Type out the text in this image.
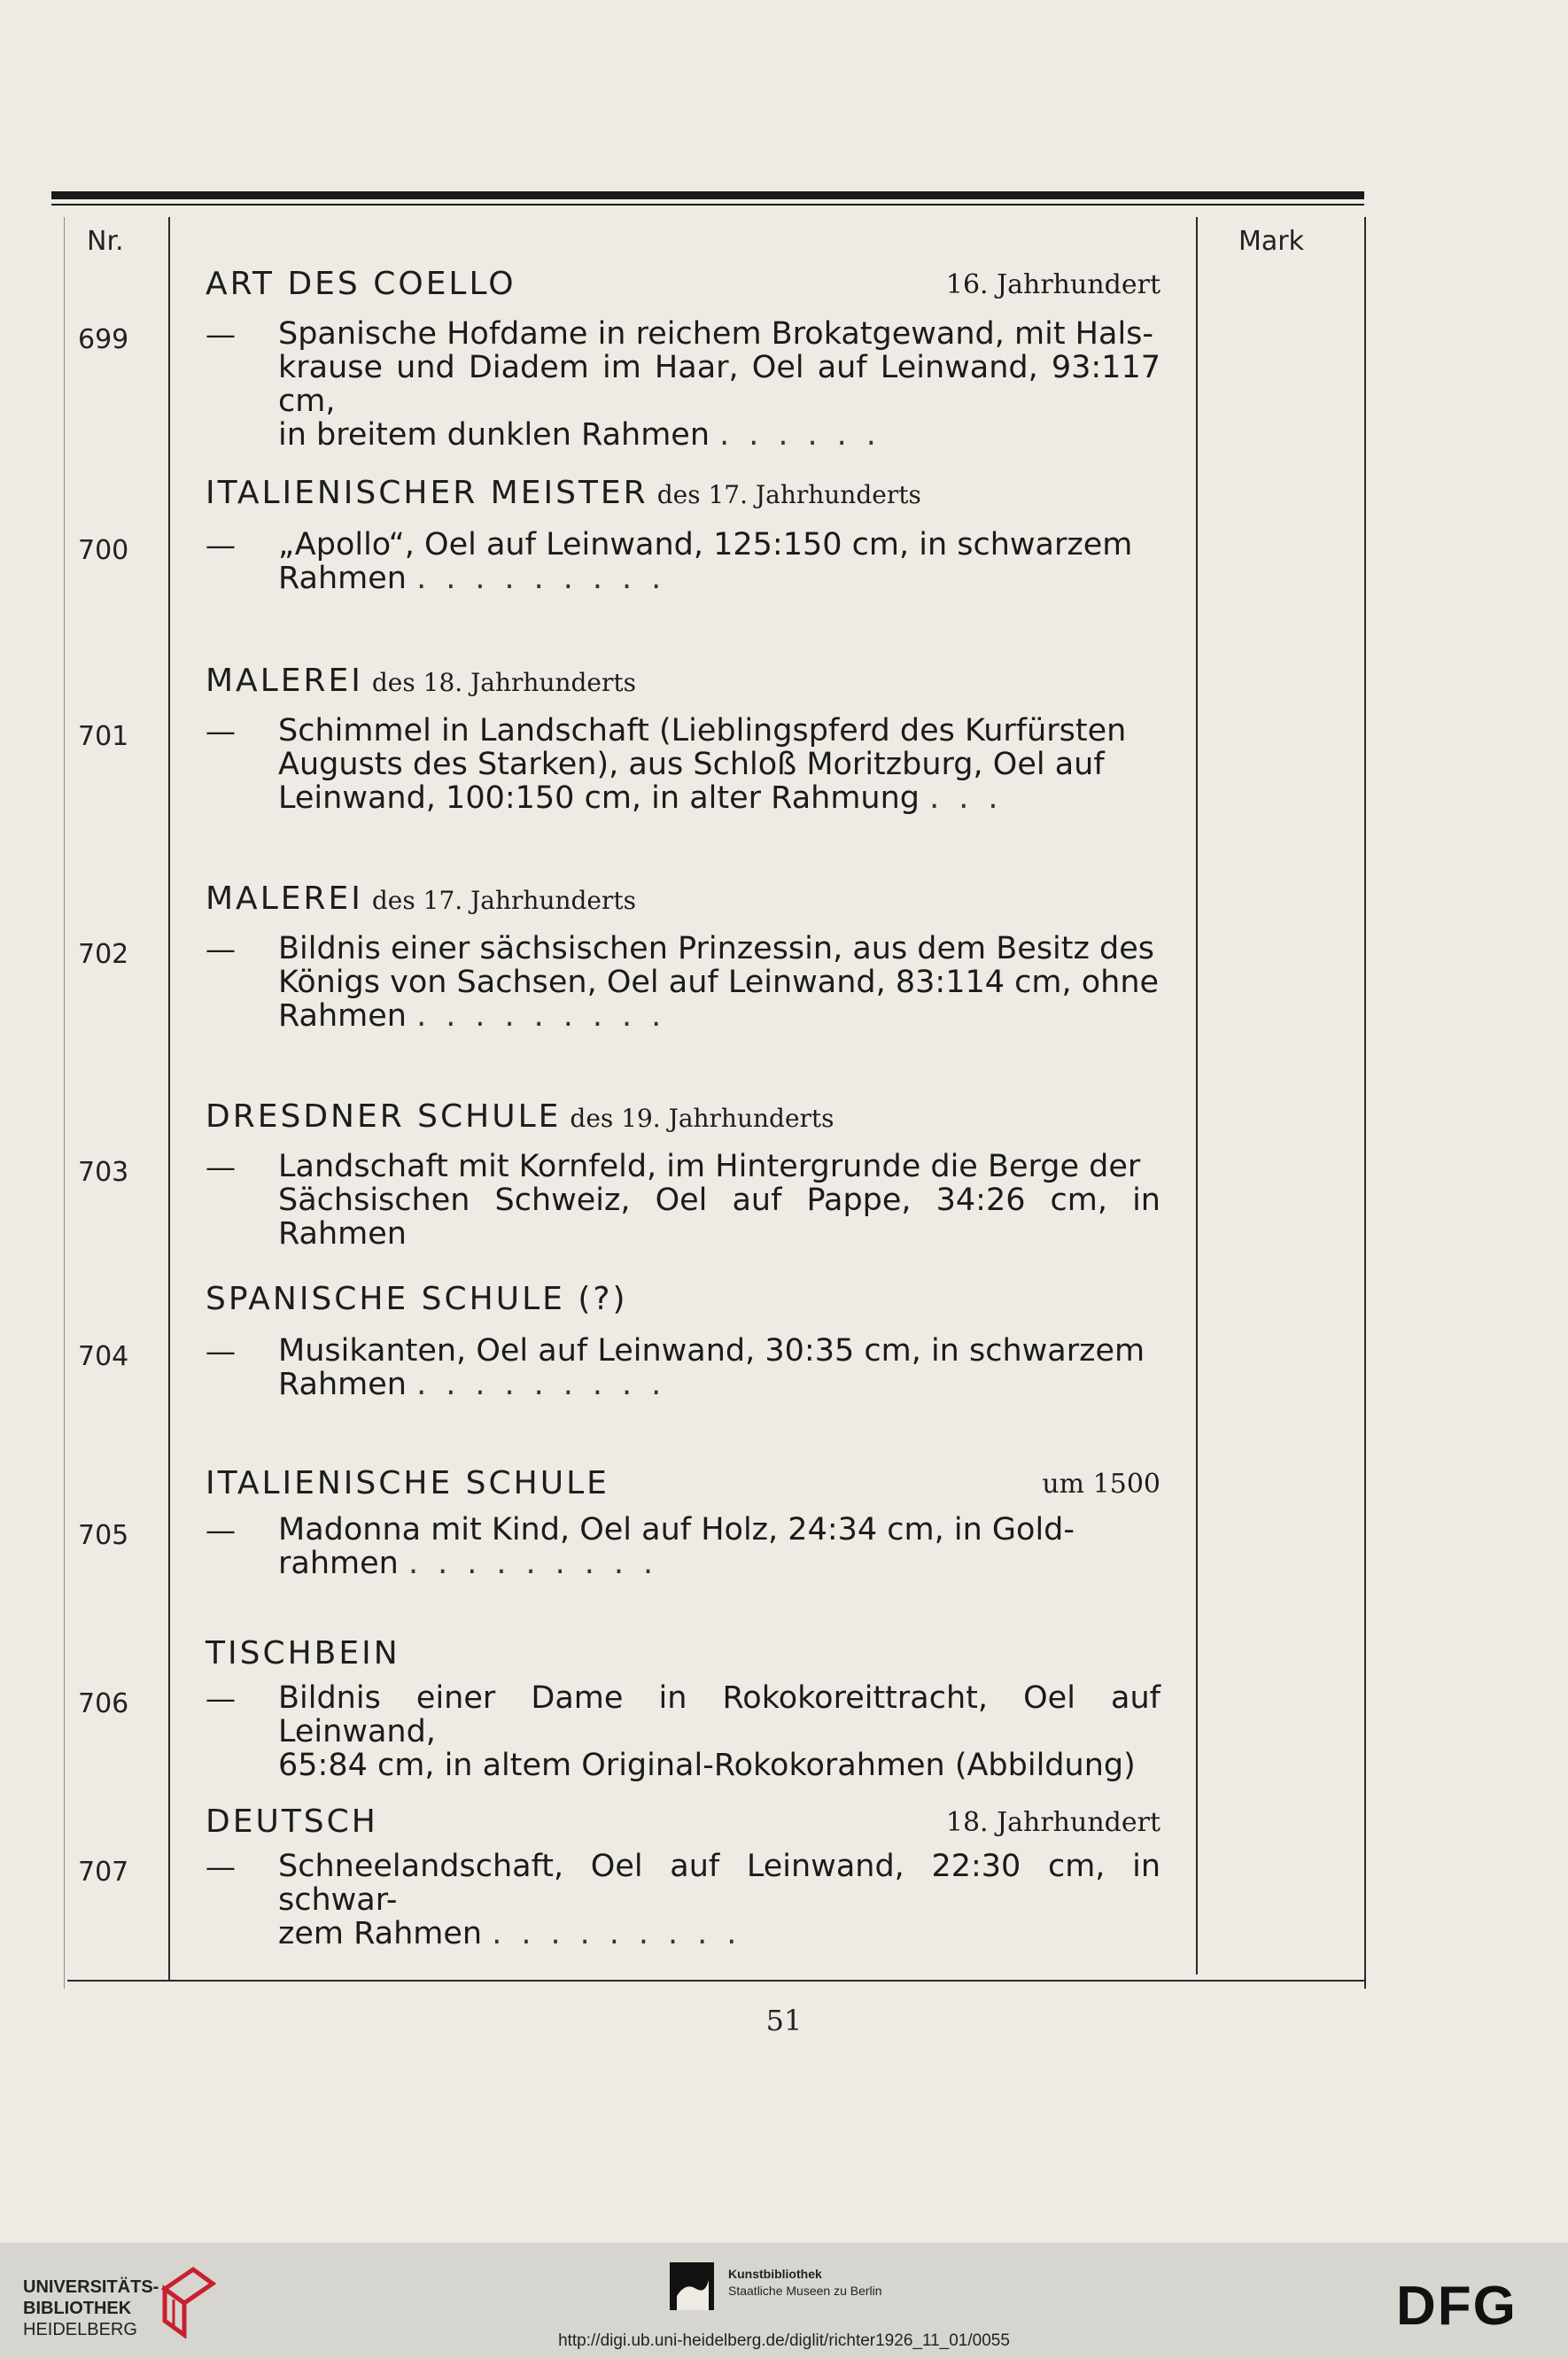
Nr.	Mark
ART DES COELLO	16. Jahrhundert
699	— Spanische Hofdame in reichem Brokatgewand, mit Hals-
krause und Diadem im Haar, Oel auf Leinwand, 93:117 cm,
in breitem dunklen Rahmen ......
ITALIENISCHER MEISTER des 17. Jahrhunderts
700	— „Apollo“, Oel auf Leinwand, 125:150 cm, in schwarzem
Rahmen .........
MALEREI des 18. Jahrhunderts
701	— Schimmel in Landschaft (Lieblingspferd des Kurfürsten
Augusts des Starken), aus Schloß Moritzburg, Oel auf
Leinwand, 100:150 cm, in alter Rahmung ...
MALEREI des 17. Jahrhunderts
702	— Bildnis einer sächsischen Prinzessin, aus dem Besitz des
Königs von Sachsen, Oel auf Leinwand, 83:114 cm, ohne
Rahmen .........
DRESDNER SCHULE des 19. Jahrhunderts
703	— Landschaft mit Kornfeld, im Hintergrunde die Berge der
Sächsischen Schweiz, Oel auf Pappe, 34:26 cm, in Rahmen
SPANISCHE SCHULE (?)
704	— Musikanten, Oel auf Leinwand, 30:35 cm, in schwarzem
Rahmen .........
ITALIENISCHE SCHULE	um 1500
705	— Madonna mit Kind, Oel auf Holz, 24:34 cm, in Gold-
rahmen .........
TISCHBEIN
706	— Bildnis einer Dame in Rokokoreittracht, Oel auf Leinwand,
65:84 cm, in altem Original-Rokokorahmen (Abbildung)
DEUTSCH	18. Jahrhundert
707	— Schneelandschaft, Oel auf Leinwand, 22:30 cm, in schwar-
zem Rahmen .........
51
UNIVERSITÄTS-
BIBLIOTHEK
HEIDELBERG
Kunstbibliothek
Staatliche Museen zu Berlin	DFG
http://digi.ub.uni-heidelberg.de/diglit/richter1926_11_01/0055
